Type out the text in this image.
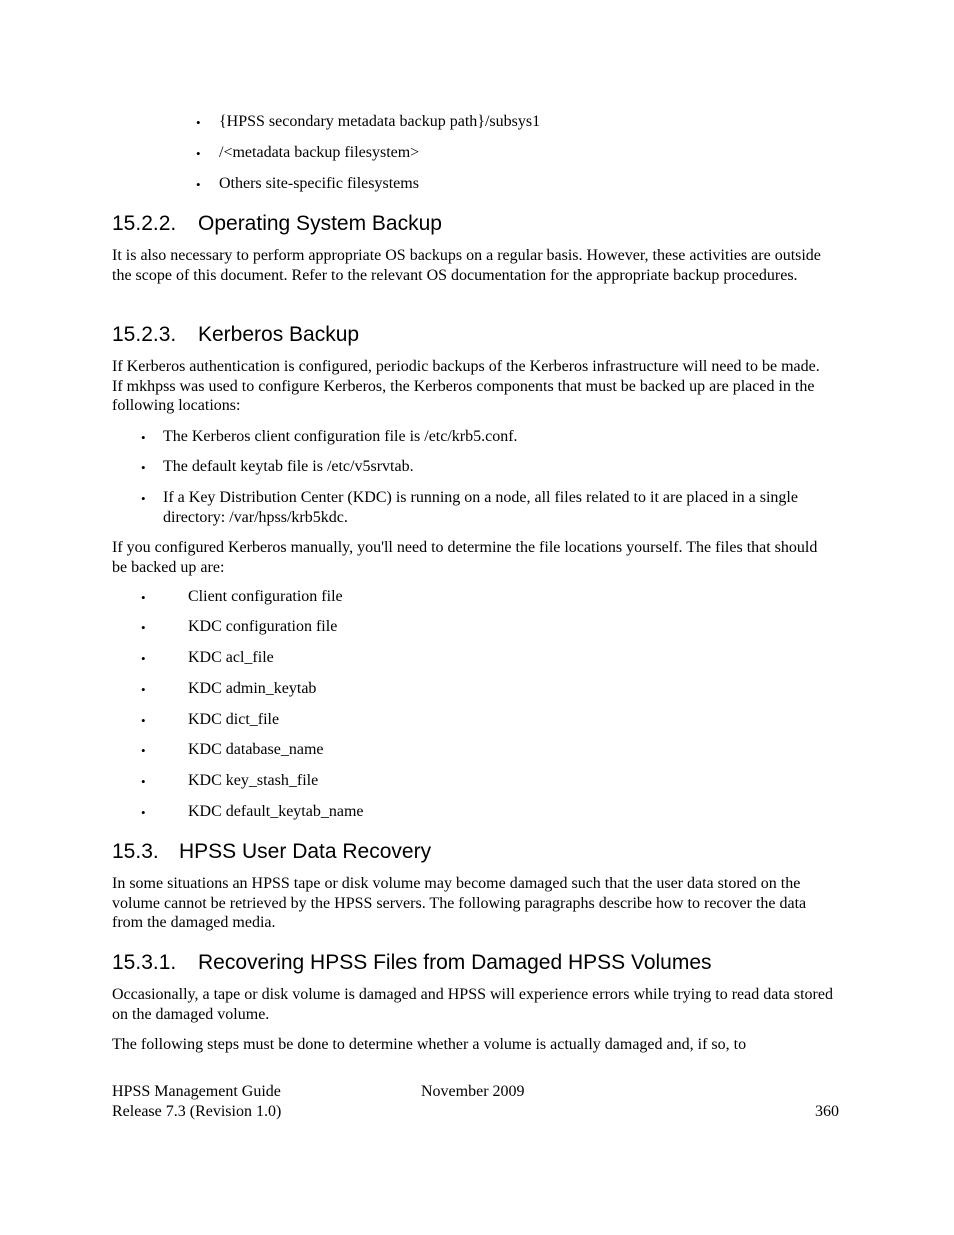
• {HPSS secondary metadata backup path}/subsys1
• /<metadata backup filesystem>
• Others site-specific filesystems
15.2.2. Operating System Backup

It is also necessary to perform appropriate OS backups on a regular basis. However, these activities are outside the scope of this document. Refer to the relevant OS documentation for the appropriate backup procedures.

15.2.3. Kerberos Backup

If Kerberos authentication is configured, periodic backups of the Kerberos infrastructure will need to be made. If mkhpss was used to configure Kerberos, the Kerberos components that must be backed up are placed in the following locations:

• The Kerberos client configuration file is /etc/krb5.conf.
• The default keytab file is /etc/v5srvtab.
• If a Key Distribution Center (KDC) is running on a node, all files related to it are placed in a single directory: /var/hpss/krb5kdc.

If you configured Kerberos manually, you'll need to determine the file locations yourself. The files that should be backed up are:

•	Client configuration file
•	KDC configuration file
•	KDC acl_file
•	KDC admin_keytab
•	KDC dict_file
•	KDC database_name
•	KDC key_stash_file
•	KDC default_keytab_name
15.3. HPSS User Data Recovery

In some situations an HPSS tape or disk volume may become damaged such that the user data stored on the volume cannot be retrieved by the HPSS servers. The following paragraphs describe how to recover the data from the damaged media.

15.3.1. Recovering HPSS Files from Damaged HPSS Volumes

Occasionally, a tape or disk volume is damaged and HPSS will experience errors while trying to read data stored on the damaged volume.

The following steps must be done to determine whether a volume is actually damaged and, if so, to

HPSS Management Guide	November 2009
Release 7.3 (Revision 1.0)	360
